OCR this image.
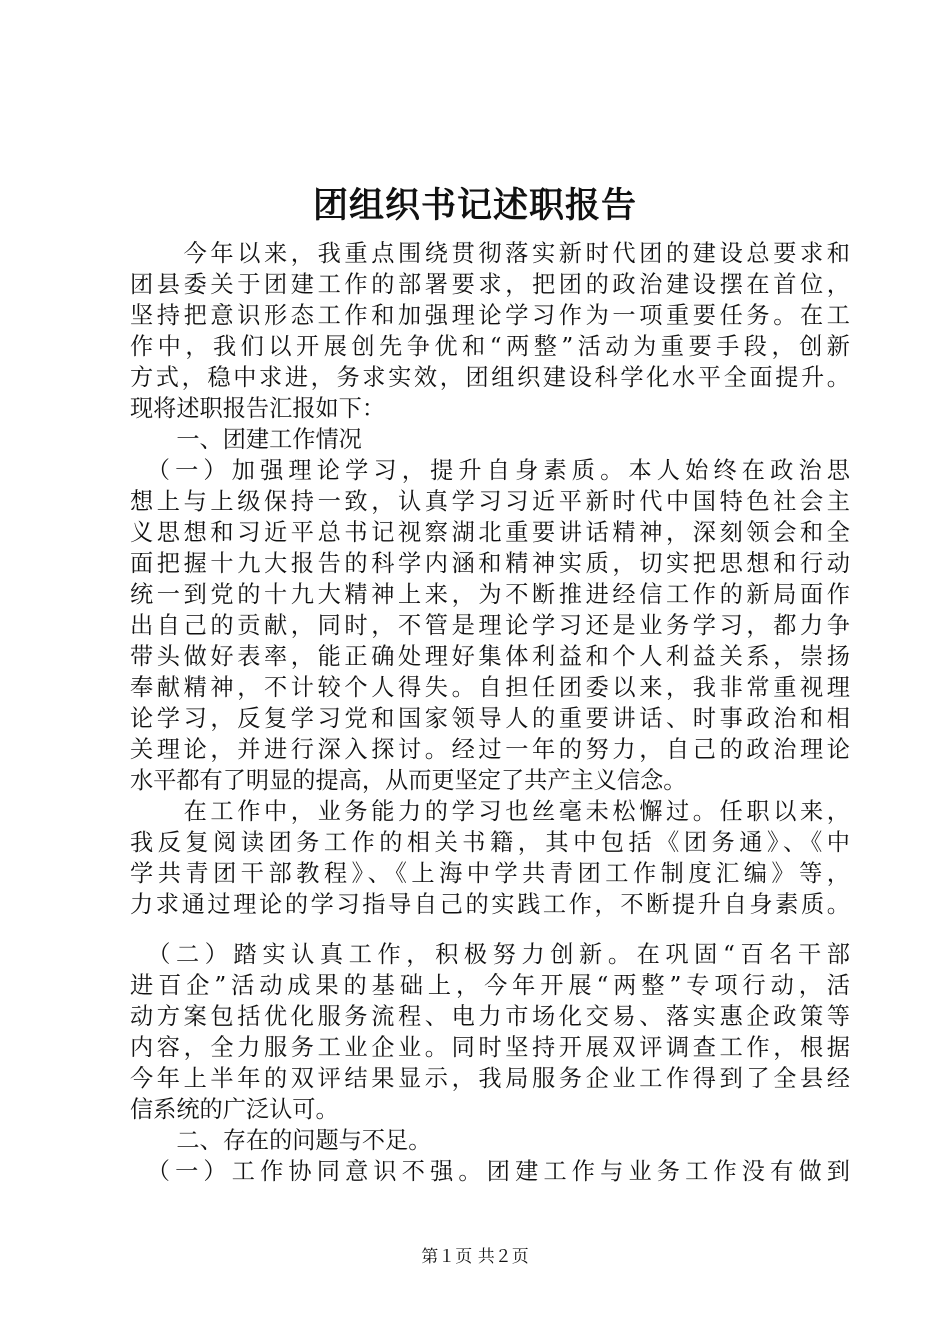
团组织书记述职报告
　　今年以来，我重点围绕贯彻落实新时代团的建设总要求和
团县委关于团建工作的部署要求，把团的政治建设摆在首位，
坚持把意识形态工作和加强理论学习作为一项重要任务。在工
作中，我们以开展创先争优和“两整”活动为重要手段，创新
方式，稳中求进，务求实效，团组织建设科学化水平全面提升。
现将述职报告汇报如下：
　　一、团建工作情况
　（一）加强理论学习，提升自身素质。本人始终在政治思
想上与上级保持一致，认真学习习近平新时代中国特色社会主
义思想和习近平总书记视察湖北重要讲话精神，深刻领会和全
面把握十九大报告的科学内涵和精神实质，切实把思想和行动
统一到党的十九大精神上来，为不断推进经信工作的新局面作
出自己的贡献，同时，不管是理论学习还是业务学习，都力争
带头做好表率，能正确处理好集体利益和个人利益关系，崇扬
奉献精神，不计较个人得失。自担任团委以来，我非常重视理
论学习，反复学习党和国家领导人的重要讲话、时事政治和相
关理论，并进行深入探讨。经过一年的努力，自己的政治理论
水平都有了明显的提高，从而更坚定了共产主义信念。
　　在工作中，业务能力的学习也丝毫未松懈过。任职以来，
我反复阅读团务工作的相关书籍，其中包括《团务通》、《中
学共青团干部教程》、《上海中学共青团工作制度汇编》等，
力求通过理论的学习指导自己的实践工作，不断提升自身素质。
　（二）踏实认真工作，积极努力创新。在巩固“百名干部
进百企”活动成果的基础上，今年开展“两整”专项行动，活
动方案包括优化服务流程、电力市场化交易、落实惠企政策等
内容，全力服务工业企业。同时坚持开展双评调查工作，根据
今年上半年的双评结果显示，我局服务企业工作得到了全县经
信系统的广泛认可。
　　二、存在的问题与不足。
　（一）工作协同意识不强。团建工作与业务工作没有做到
第１页 共２页
